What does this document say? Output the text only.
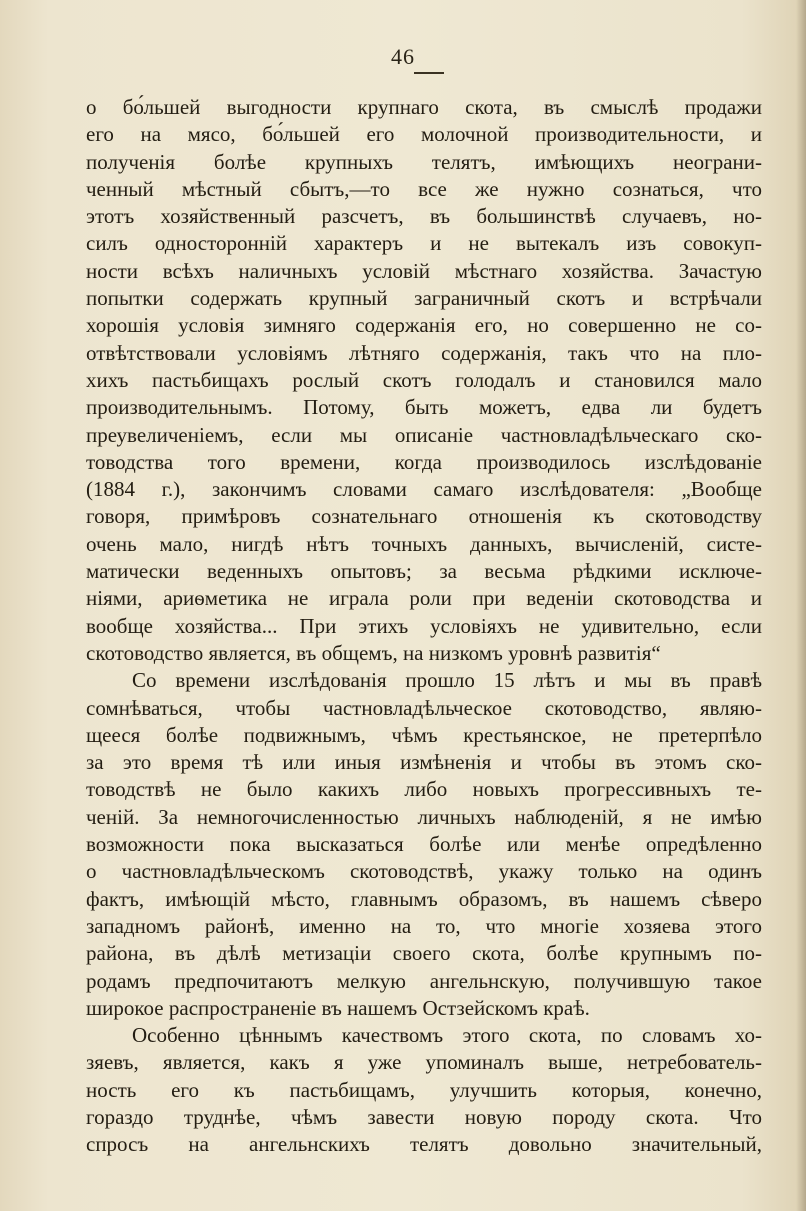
46
о бо́льшей выгодности крупнаго скота, въ смыслѣ продажи
его на мясо, бо́льшей его молочной производительности, и
полученія болѣе крупныхъ телятъ, имѣющихъ неограни-
ченный мѣстный сбытъ,—то все же нужно сознаться, что
этотъ хозяйственный разсчетъ, въ большинствѣ случаевъ, но-
силъ односторонній характеръ и не вытекалъ изъ совокуп-
ности всѣхъ наличныхъ условій мѣстнаго хозяйства. Зачастую
попытки содержать крупный заграничный скотъ и встрѣчали
хорошія условія зимняго содержанія его, но совершенно не со-
отвѣтствовали условіямъ лѣтняго содержанія, такъ что на пло-
хихъ пастьбищахъ рослый скотъ голодалъ и становился мало
производительнымъ. Потому, быть можетъ, едва ли будетъ
преувеличеніемъ, если мы описаніе частновладѣльческаго ско-
товодства того времени, когда производилось изслѣдованіе
(1884 г.), закончимъ словами самаго изслѣдователя: „Вообще
говоря, примѣровъ сознательнаго отношенія къ скотоводству
очень мало, нигдѣ нѣтъ точныхъ данныхъ, вычисленій, систе-
матически веденныхъ опытовъ; за весьма рѣдкими исключе-
ніями, ариѳметика не играла роли при веденіи скотоводства и
вообще хозяйства... При этихъ условіяхъ не удивительно, если
скотоводство является, въ общемъ, на низкомъ уровнѣ развитія“
Со времени изслѣдованія прошло 15 лѣтъ и мы въ правѣ
сомнѣваться, чтобы частновладѣльческое скотоводство, являю-
щееся болѣе подвижнымъ, чѣмъ крестьянское, не претерпѣло
за это время тѣ или иныя измѣненія и чтобы въ этомъ ско-
товодствѣ не было какихъ либо новыхъ прогрессивныхъ те-
ченій. За немногочисленностью личныхъ наблюденій, я не имѣю
возможности пока высказаться болѣе или менѣе опредѣленно
о частновладѣльческомъ скотоводствѣ, укажу только на одинъ
фактъ, имѣющій мѣсто, главнымъ образомъ, въ нашемъ сѣверо
западномъ районѣ, именно на то, что многіе хозяева этого
района, въ дѣлѣ метизаціи своего скота, болѣе крупнымъ по-
родамъ предпочитаютъ мелкую ангельнскую, получившую такое
широкое распространеніе въ нашемъ Остзейскомъ краѣ.
Особенно цѣннымъ качествомъ этого скота, по словамъ хо-
зяевъ, является, какъ я уже упоминалъ выше, нетребователь-
ность его къ пастьбищамъ, улучшить которыя, конечно,
гораздо труднѣе, чѣмъ завести новую породу скота. Что
спросъ на ангельнскихъ телятъ довольно значительный,
